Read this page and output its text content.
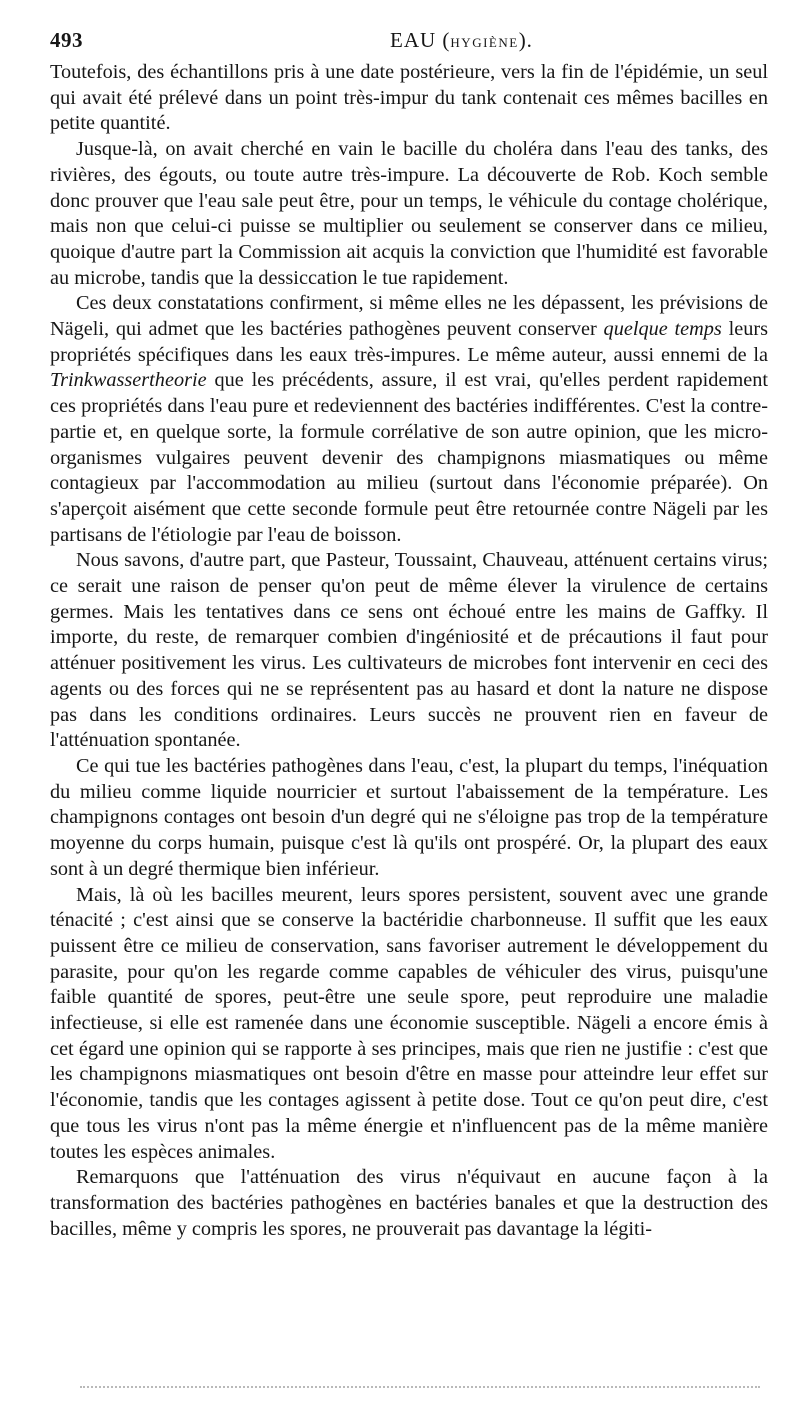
493	EAU (HYGIÈNE).

Toutefois, des échantillons pris à une date postérieure, vers la fin de l'épidémie, un seul qui avait été prélevé dans un point très-impur du tank contenait ces mêmes bacilles en petite quantité.

Jusque-là, on avait cherché en vain le bacille du choléra dans l'eau des tanks, des rivières, des égouts, ou toute autre très-impure. La découverte de Rob. Koch semble donc prouver que l'eau sale peut être, pour un temps, le véhicule du contage cholérique, mais non que celui-ci puisse se multiplier ou seulement se conserver dans ce milieu, quoique d'autre part la Commission ait acquis la conviction que l'humidité est favorable au microbe, tandis que la dessiccation le tue rapidement.

Ces deux constatations confirment, si même elles ne les dépassent, les prévisions de Nägeli, qui admet que les bactéries pathogènes peuvent conserver quelque temps leurs propriétés spécifiques dans les eaux très-impures. Le même auteur, aussi ennemi de la Trinkwassertheorie que les précédents, assure, il est vrai, qu'elles perdent rapidement ces propriétés dans l'eau pure et redeviennent des bactéries indifférentes. C'est la contre-partie et, en quelque sorte, la formule corrélative de son autre opinion, que les micro-organismes vulgaires peuvent devenir des champignons miasmatiques ou même contagieux par l'accommodation au milieu (surtout dans l'économie préparée). On s'aperçoit aisément que cette seconde formule peut être retournée contre Nägeli par les partisans de l'étiologie par l'eau de boisson.

Nous savons, d'autre part, que Pasteur, Toussaint, Chauveau, atténuent certains virus; ce serait une raison de penser qu'on peut de même élever la virulence de certains germes. Mais les tentatives dans ce sens ont échoué entre les mains de Gaffky. Il importe, du reste, de remarquer combien d'ingéniosité et de précautions il faut pour atténuer positivement les virus. Les cultivateurs de microbes font intervenir en ceci des agents ou des forces qui ne se représentent pas au hasard et dont la nature ne dispose pas dans les conditions ordinaires. Leurs succès ne prouvent rien en faveur de l'atténuation spontanée.

Ce qui tue les bactéries pathogènes dans l'eau, c'est, la plupart du temps, l'inéquation du milieu comme liquide nourricier et surtout l'abaissement de la température. Les champignons contages ont besoin d'un degré qui ne s'éloigne pas trop de la température moyenne du corps humain, puisque c'est là qu'ils ont prospéré. Or, la plupart des eaux sont à un degré thermique bien inférieur.

Mais, là où les bacilles meurent, leurs spores persistent, souvent avec une grande ténacité ; c'est ainsi que se conserve la bactéridie charbonneuse. Il suffit que les eaux puissent être ce milieu de conservation, sans favoriser autrement le développement du parasite, pour qu'on les regarde comme capables de véhiculer des virus, puisqu'une faible quantité de spores, peut-être une seule spore, peut reproduire une maladie infectieuse, si elle est ramenée dans une économie susceptible. Nägeli a encore émis à cet égard une opinion qui se rapporte à ses principes, mais que rien ne justifie : c'est que les champignons miasmatiques ont besoin d'être en masse pour atteindre leur effet sur l'économie, tandis que les contages agissent à petite dose. Tout ce qu'on peut dire, c'est que tous les virus n'ont pas la même énergie et n'influencent pas de la même manière toutes les espèces animales.

Remarquons que l'atténuation des virus n'équivaut en aucune façon à la transformation des bactéries pathogènes en bactéries banales et que la destruction des bacilles, même y compris les spores, ne prouverait pas davantage la légiti-
